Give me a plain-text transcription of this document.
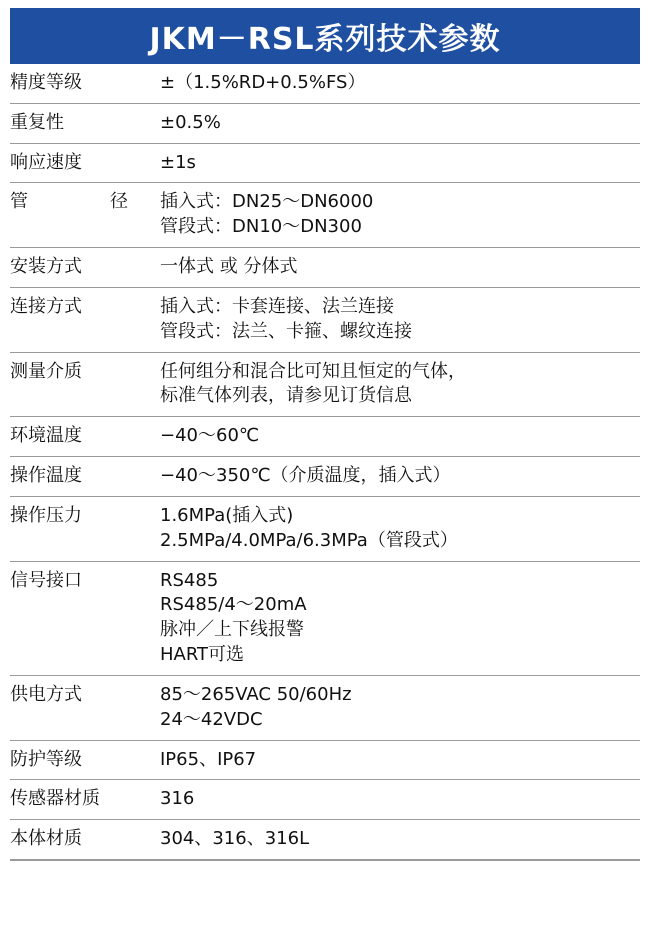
JKM－RSL系列技术参数
精度等级	±（1.5%RD+0.5%FS）

重复性	±0.5%

响应速度	±1s

管 径	插入式：DN25～DN6000
管段式：DN10～DN300

安装方式	一体式 或 分体式

连接方式	插入式：卡套连接、法兰连接
管段式：法兰、卡箍、螺纹连接

测量介质	任何组分和混合比可知且恒定的气体，
标准气体列表，请参见订货信息

环境温度	−40～60℃

操作温度	−40～350℃（介质温度，插入式）

操作压力	1.6MPa(插入式)
2.5MPa/4.0MPa/6.3MPa（管段式）

信号接口	RS485
RS485/4～20mA
脉冲／上下线报警
HART可选

供电方式	85～265VAC 50/60Hz
24～42VDC

防护等级	IP65、IP67

传感器材质	316

本体材质	304、316、316L
